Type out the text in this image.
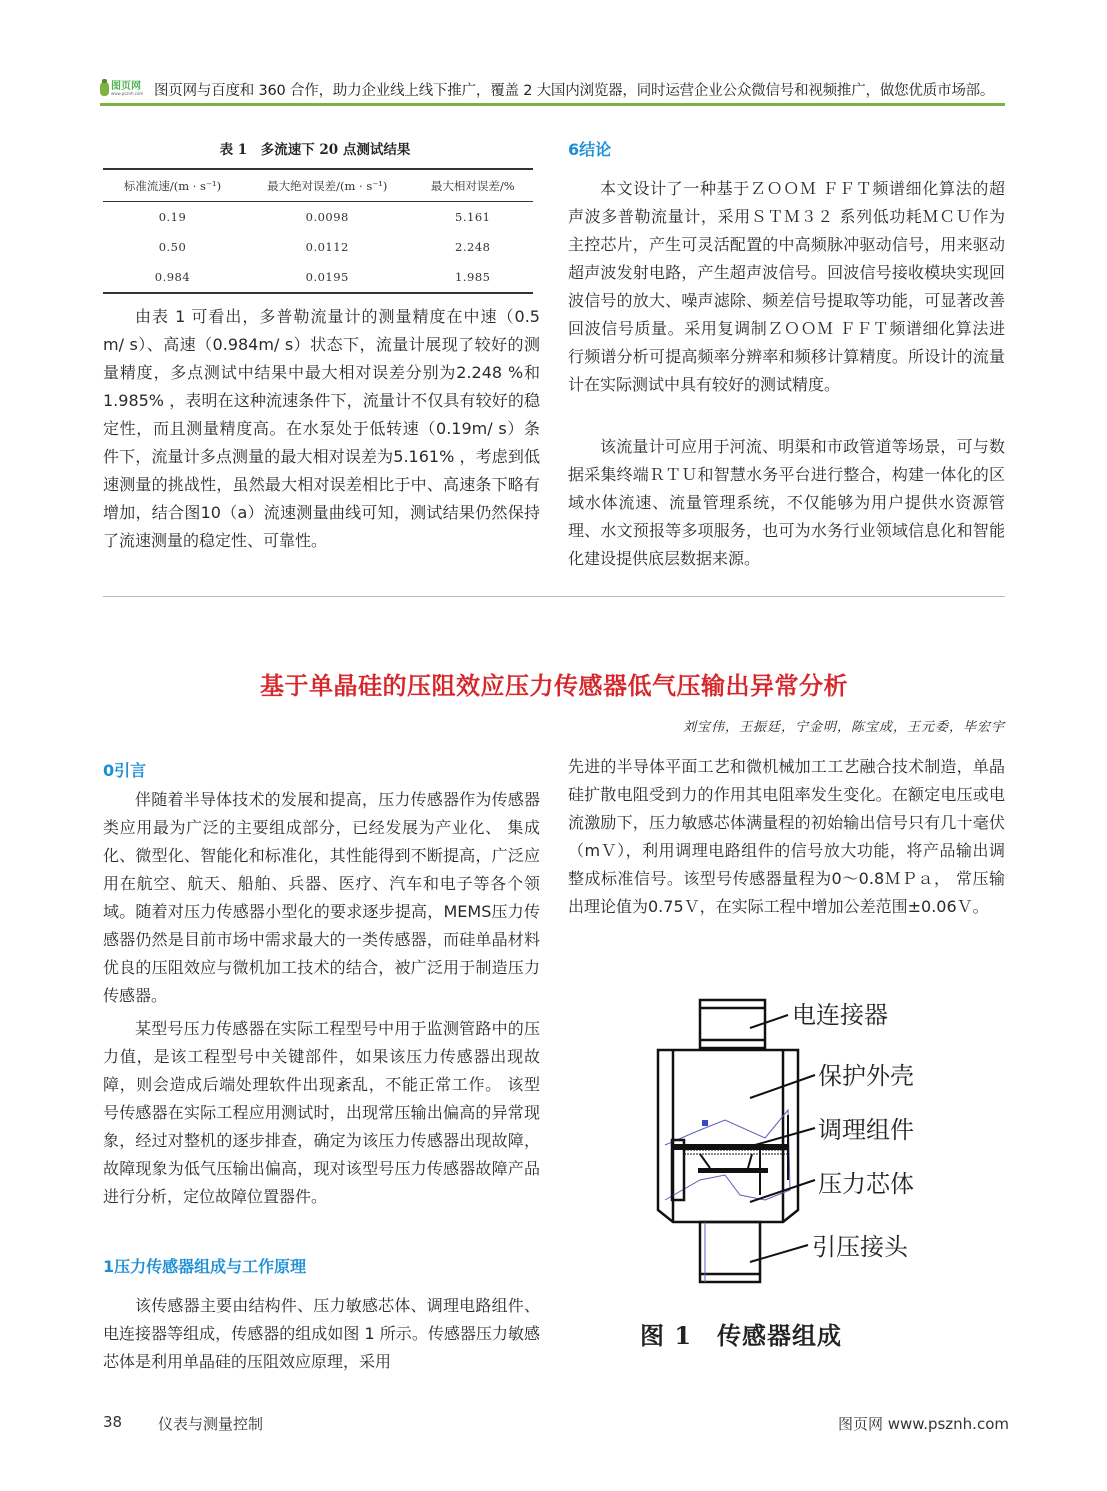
图页网
www.psznh.com 图页网与百度和 360 合作，助力企业线上线下推广，覆盖 2 大国内浏览器，同时运营企业公众微信号和视频推广，做您优质市场部。
表 1　多流速下 20 点测试结果
标准流速/(m · s⁻¹)	最大绝对误差/(m · s⁻¹)	最大相对误差/%
0.19	0.0098	5.161
0.50	0.0112	2.248
0.984	0.0195	1.985

由表 1 可看出，多普勒流量计的测量精度在中速（0.5 m/ s）、高速（0.984m/ s）状态下，流量计展现了较好的测量精度，多点测试中结果中最大相对误差分别为2.248 %和1.985% ，表明在这种流速条件下，流量计不仅具有较好的稳定性，而且测量精度高。在水泵处于低转速（0.19m/ s）条件下，流量计多点测量的最大相对误差为5.161% ，考虑到低速测量的挑战性，虽然最大相对误差相比于中、高速条下略有增加，结合图10（a）流速测量曲线可知，测试结果仍然保持了流速测量的稳定性、可靠性。

6结论

本文设计了一种基于ＺＯＯＭ ＦＦＴ频谱细化算法的超声波多普勒流量计，采用ＳＴＭ３２ 系列低功耗ＭＣＵ作为主控芯片，产生可灵活配置的中高频脉冲驱动信号，用来驱动超声波发射电路，产生超声波信号。回波信号接收模块实现回波信号的放大、噪声滤除、频差信号提取等功能，可显著改善回波信号质量。采用复调制ＺＯＯＭ ＦＦＴ频谱细化算法进行频谱分析可提高频率分辨率和频移计算精度。所设计的流量计在实际测试中具有较好的测试精度。

该流量计可应用于河流、明渠和市政管道等场景，可与数据采集终端ＲＴＵ和智慧水务平台进行整合，构建一体化的区域水体流速、流量管理系统，不仅能够为用户提供水资源管理、水文预报等多项服务，也可为水务行业领域信息化和智能化建设提供底层数据来源。

基于单晶硅的压阻效应压力传感器低气压输出异常分析
刘宝伟，王振廷，宁金明，陈宝成，王元委，毕宏宇
0引言

伴随着半导体技术的发展和提高，压力传感器作为传感器类应用最为广泛的主要组成部分，已经发展为产业化、 集成化、微型化、智能化和标准化，其性能得到不断提高，广泛应用在航空、航天、船舶、兵器、医疗、汽车和电子等各个领域。随着对压力传感器小型化的要求逐步提高，MEMS压力传感器仍然是目前市场中需求最大的一类传感器，而硅单晶材料优良的压阻效应与微机加工技术的结合，被广泛用于制造压力传感器。

某型号压力传感器在实际工程型号中用于监测管路中的压力值，是该工程型号中关键部件，如果该压力传感器出现故障，则会造成后端处理软件出现紊乱，不能正常工作。 该型号传感器在实际工程应用测试时，出现常压输出偏高的异常现象，经过对整机的逐步排查，确定为该压力传感器出现故障，故障现象为低气压输出偏高，现对该型号压力传感器故障产品进行分析，定位故障位置器件。

1压力传感器组成与工作原理

该传感器主要由结构件、压力敏感芯体、调理电路组件、电连接器等组成，传感器的组成如图 1 所示。传感器压力敏感芯体是利用单晶硅的压阻效应原理，采用

先进的半导体平面工艺和微机械加工工艺融合技术制造，单晶硅扩散电阻受到力的作用其电阻率发生变化。在额定电压或电流激励下，压力敏感芯体满量程的初始输出信号只有几十毫伏（mＶ），利用调理电路组件的信号放大功能，将产品输出调整成标准信号。该型号传感器量程为0～0.8ＭＰａ， 常压输出理论值为0.75Ｖ，在实际工程中增加公差范围±0.06Ｖ。

电连接器
保护外壳
调理组件
压力芯体
引压接头
图 1　传感器组成
38 仪表与测量控制	图页网 www.psznh.com
